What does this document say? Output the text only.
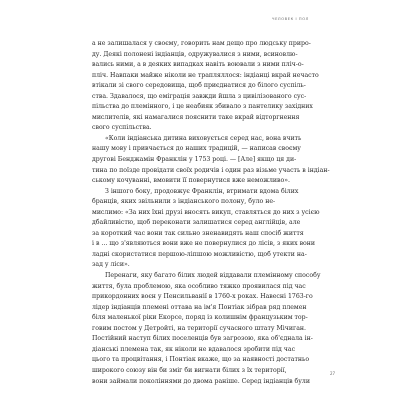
ЧЕЛОВЕК І ПОЛ
а не залишалася у своєму, говорить нам дещо про людську приро-
ду. Деякі полонені індіанців, одружувалися з ними, всиновлю-
вались ними, а в деяких випадках навіть воювали з ними пліч-о-
пліч. Навпаки майже ніколи не трапляллося: індіанці вкрай нечасто
втікали зі свого середовища, щоб приєднатися до білого суспіль-
ства. Здавалося, що еміграція завжди йшла з цивілізованого сус-
пільства до племінного, і це неабияк збивало з пантелику західних
мислителів, які намагалися пояснити таке вкрай відторгнення
свого суспільства.
«Коли індіанська дитина виховується серед нас, вона вчить
нашу мову і привчається до наших традицій, — написав своєму
другові Бенджамін Франклін у 1753 році. — [Але] якщо ця ди-
тина по поїзде провідати своїх родичів і один раз візьме участь в індіан-
ському кочуванні, вмовити її повернутися вже неможливо».
З іншого боку, продовжує Франклін, втримати вдома білих
бранців, яких звільнили з індіанського полону, було не-
мислимо: «За них їхні друзі вносять викуп, ставляться до них з усією
дбайливістю, щоб переконати залишатися серед англійців, але
за короткий час вони так сильно зненавидять наш спосіб життя
і в ... що з'являються вони вже не повернулися до лісів, з яких вони
ладні скористатися першою-ліпшою можливістю, щоб утекти на-
зад у ліси».
Перенаги, яку багато білих людей віддавали племінному способу
життя, була проблемою, яка особливо тяжко проявилася під час
прикордонних воєн у Пенсильванії в 1760-х роках. Навесні 1763-го
лідер індіанців племені оттава на ім'я Понтіак зібрав ряд племен
біля маленької ріки Екорсе, поряд із колишнім французьким тор-
говим постом у Детройті, на території сучасного штату Мічиган.
Постійний наступ білих поселенців був загрозою, яка об'єднала ін-
діанські племена так, як ніколи не вдавалося зробити під час
цього та процвітання, і Понтіак вкаже, що за наявності достатньо
широкого союзу він би зміг би вигнати білих з їх території,
вони займали поколіннями до двома раніше. Серед індіанців були
27
